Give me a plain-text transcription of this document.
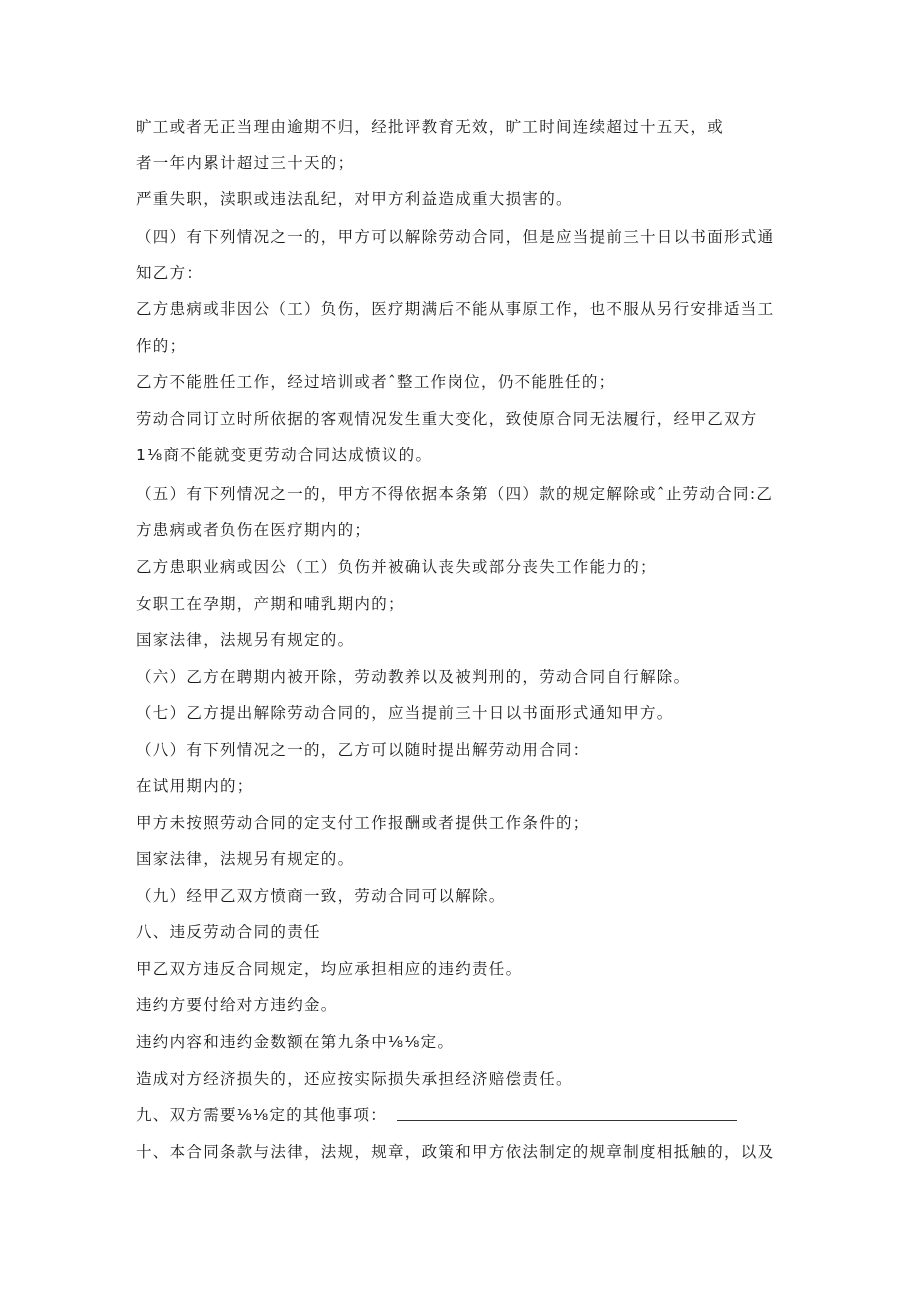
旷工或者无正当理由逾期不归，经批评教育无效，旷工时间连续超过十五天，或
者一年内累计超过三十天的；
严重失职，渎职或违法乱纪，对甲方利益造成重大损害的。
（四）有下列情况之一的，甲方可以解除劳动合同，但是应当提前三十日以书面形式通
知乙方：
乙方患病或非因公（工）负伤，医疗期满后不能从事原工作，也不服从另行安排适当工
作的；
乙方不能胜任工作，经过培训或者ˆ整工作岗位，仍不能胜任的；
劳动合同订立时所依据的客观情况发生重大变化，致使原合同无法履行，经甲乙双方
1⅛商不能就变更劳动合同达成愤议的。
（五）有下列情况之一的，甲方不得依据本条第（四）款的规定解除或ˆ止劳动合同:乙
方患病或者负伤在医疗期内的；
乙方患职业病或因公（工）负伤并被确认丧失或部分丧失工作能力的；
女职工在孕期，产期和哺乳期内的；
国家法律，法规另有规定的。
（六）乙方在聘期内被开除，劳动教养以及被判刑的，劳动合同自行解除。
（七）乙方提出解除劳动合同的，应当提前三十日以书面形式通知甲方。
（八）有下列情况之一的，乙方可以随时提出解劳动用合同：
在试用期内的；
甲方未按照劳动合同的定支付工作报酬或者提供工作条件的；
国家法律，法规另有规定的。
（九）经甲乙双方愤商一致，劳动合同可以解除。
八、违反劳动合同的责任
甲乙双方违反合同规定，均应承担相应的违约责任。
违约方要付给对方违约金。
违约内容和违约金数额在第九条中⅛⅛定。
造成对方经济损失的，还应按实际损失承担经济赔偿责任。
九、双方需要⅛⅛定的其他事项：
十、本合同条款与法律，法规，规章，政策和甲方依法制定的规章制度相抵触的，以及
